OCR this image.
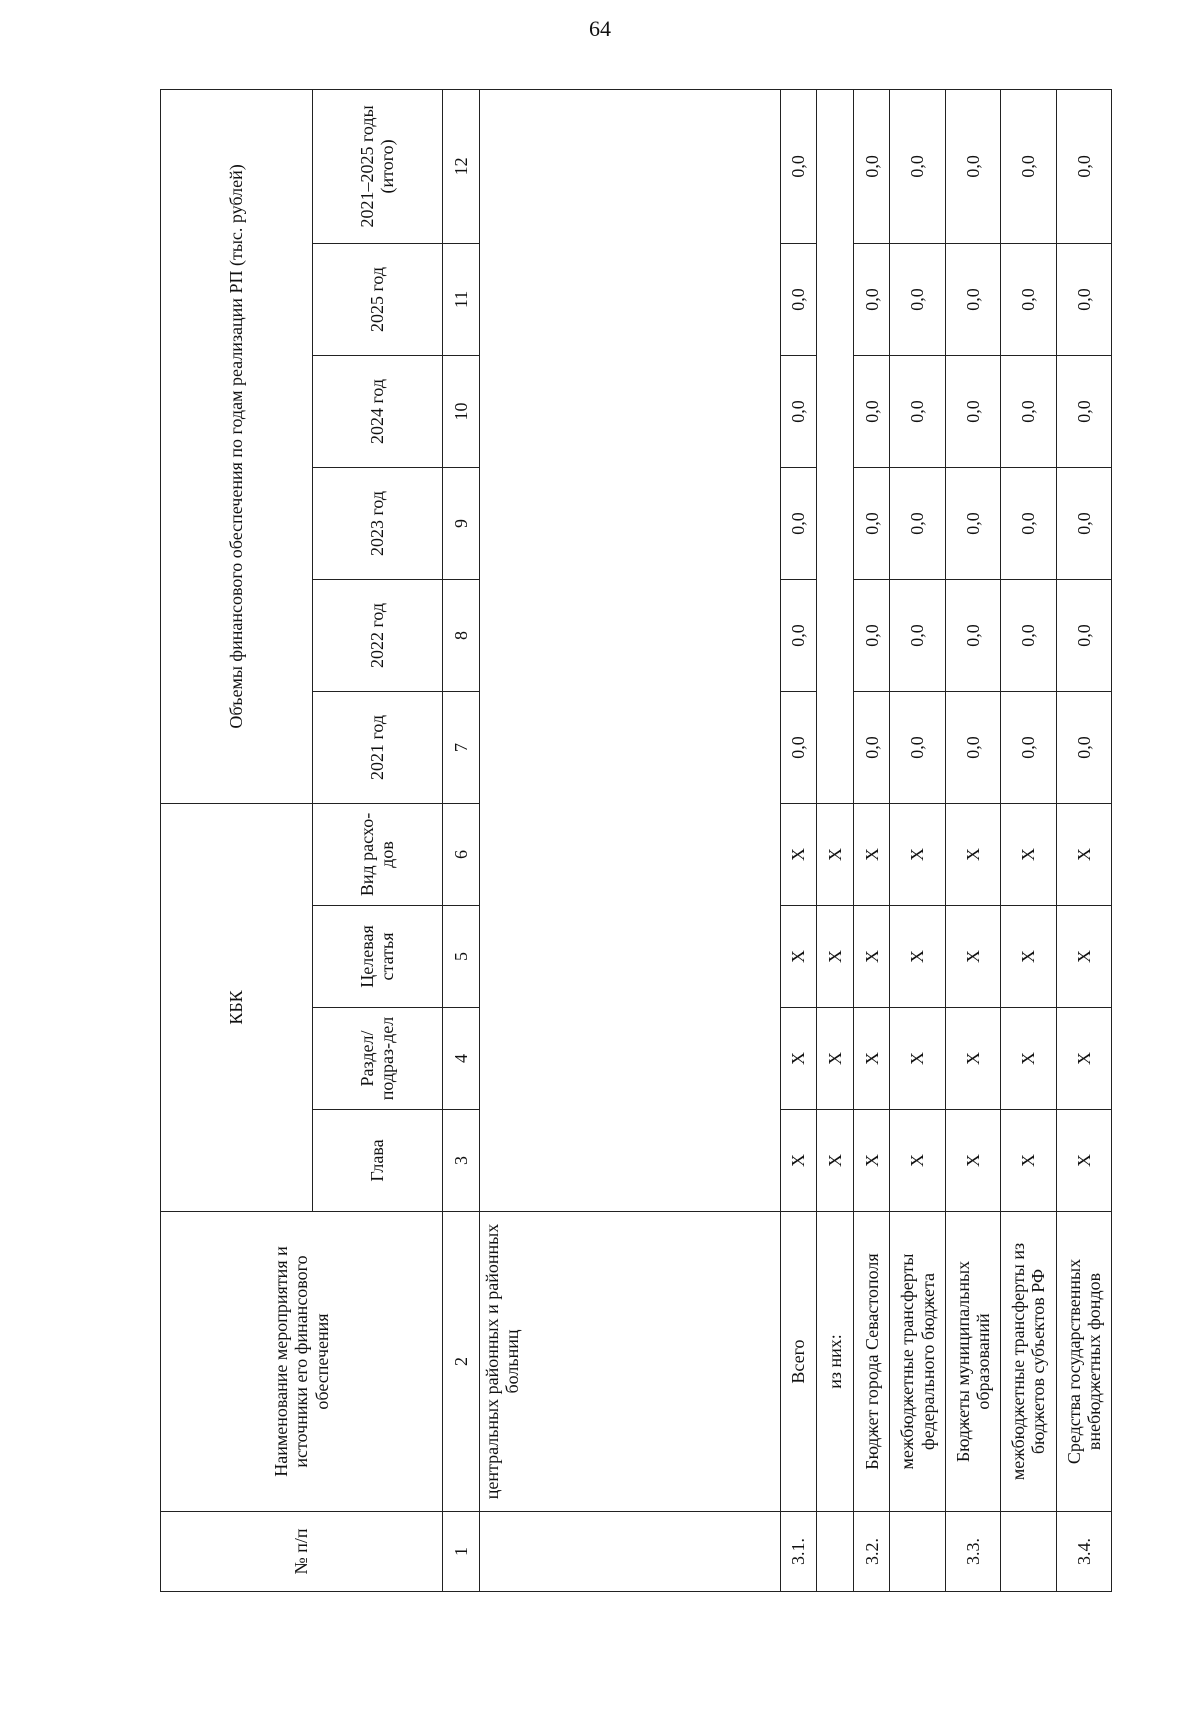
64
№ п/п	Наименование мероприятия и источники его финансового обеспечения	КБК				Объемы финансового обеспечения по годам реализации РП (тыс. рублей)					
		Глава	Раздел/ подраз-дел	Целевая статья	Вид расхо-дов	2021 год	2022 год	2023 год	2024 год	2025 год	2021–2025 годы (итого)
1	2	3	4	5	6	7	8	9	10	11	12
	центральных районных и районных больниц										
3.1.	Всего	Х	Х	Х	Х	0,0	0,0	0,0	0,0	0,0	0,0
	из них:	Х	Х	Х	Х						
3.2.	Бюджет города Севастополя	Х	Х	Х	Х	0,0	0,0	0,0	0,0	0,0	0,0
	межбюджетные трансферты федерального бюджета	Х	Х	Х	Х	0,0	0,0	0,0	0,0	0,0	0,0
3.3.	Бюджеты муниципальных образований	Х	Х	Х	Х	0,0	0,0	0,0	0,0	0,0	0,0
	межбюджетные трансферты из бюджетов субъектов РФ	Х	Х	Х	Х	0,0	0,0	0,0	0,0	0,0	0,0
3.4.	Средства государственных внебюджетных фондов	Х	Х	Х	Х	0,0	0,0	0,0	0,0	0,0	0,0
